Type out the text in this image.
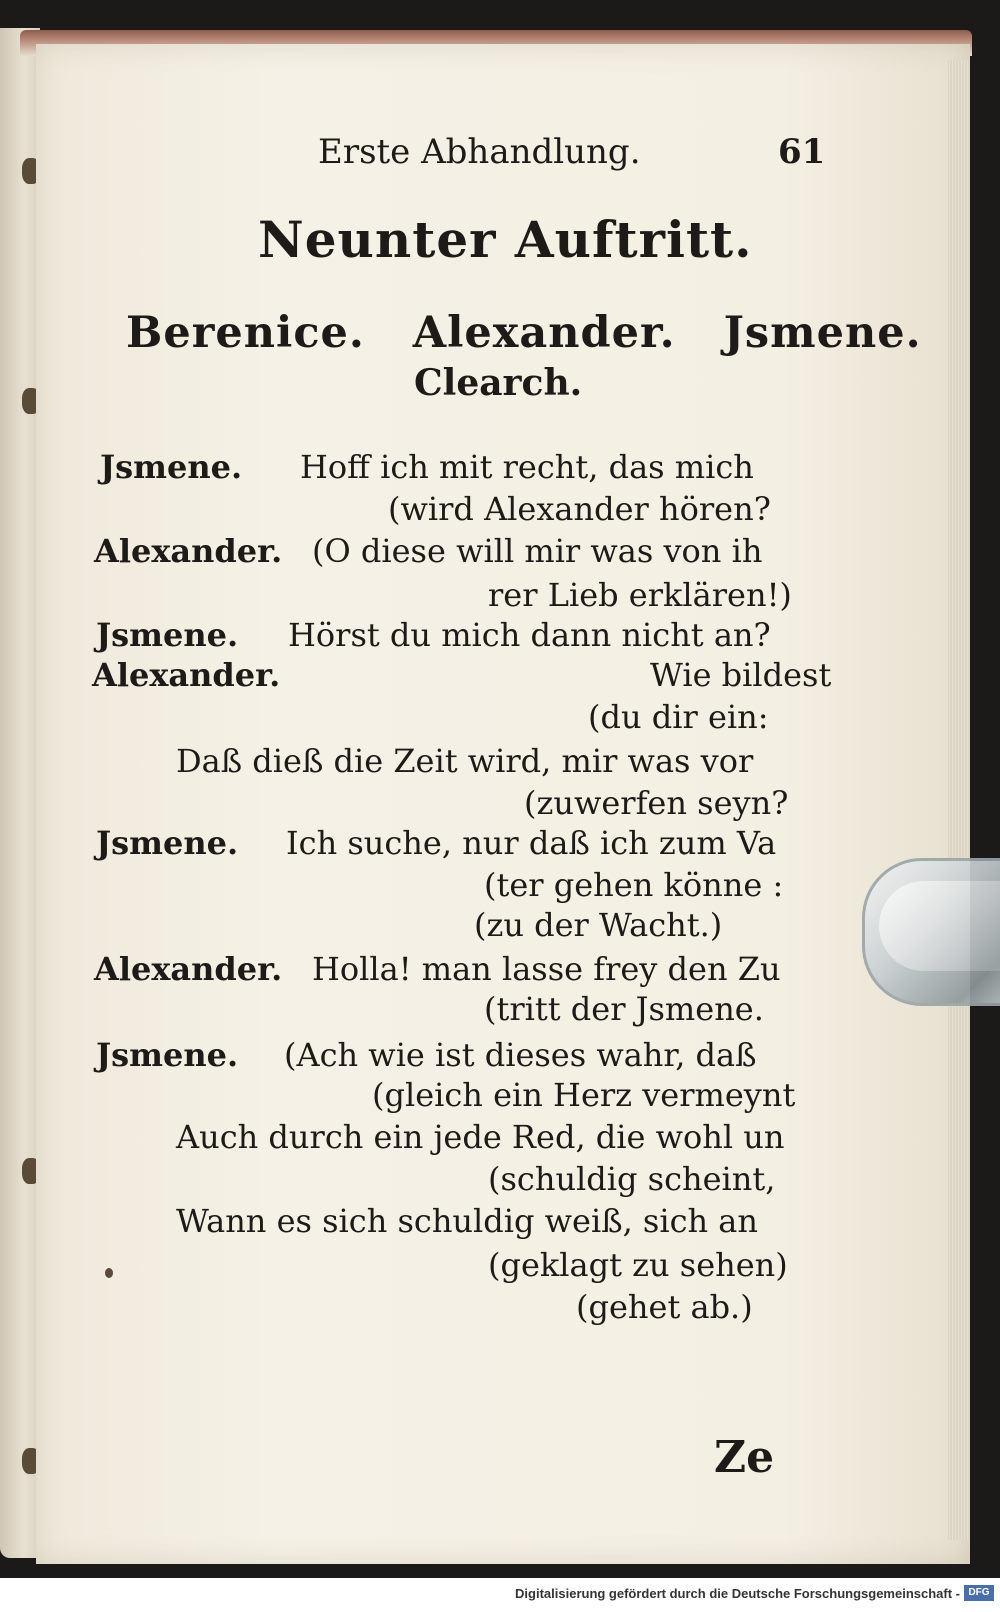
Erste Abhandlung.	61
Neunter Auftritt.
Berenice.   Alexander.   Jsmene.
Clearch.
Jsmene. Hoff ich mit recht, das mich
(wird Alexander hören?
Alexander. (O diese will mir was von ih
rer Lieb erklären!)
Jsmene. Hörst du mich dann nicht an?
Alexander.	Wie bildest
(du dir ein:
Daß dieß die Zeit wird, mir was vor
(zuwerfen seyn?
Jsmene. Ich suche, nur daß ich zum Va
(ter gehen könne :
(zu der Wacht.)
Alexander. Holla! man lasse frey den Zu
(tritt der Jsmene.
Jsmene. (Ach wie ist dieses wahr, daß
(gleich ein Herz vermeynt
Auch durch ein jede Red, die wohl un
(schuldig scheint,
Wann es sich schuldig weiß, sich an
(geklagt zu sehen)
(gehet ab.)
Ze
Digitalisierung gefördert durch die Deutsche Forschungsgemeinschaft - DFG
